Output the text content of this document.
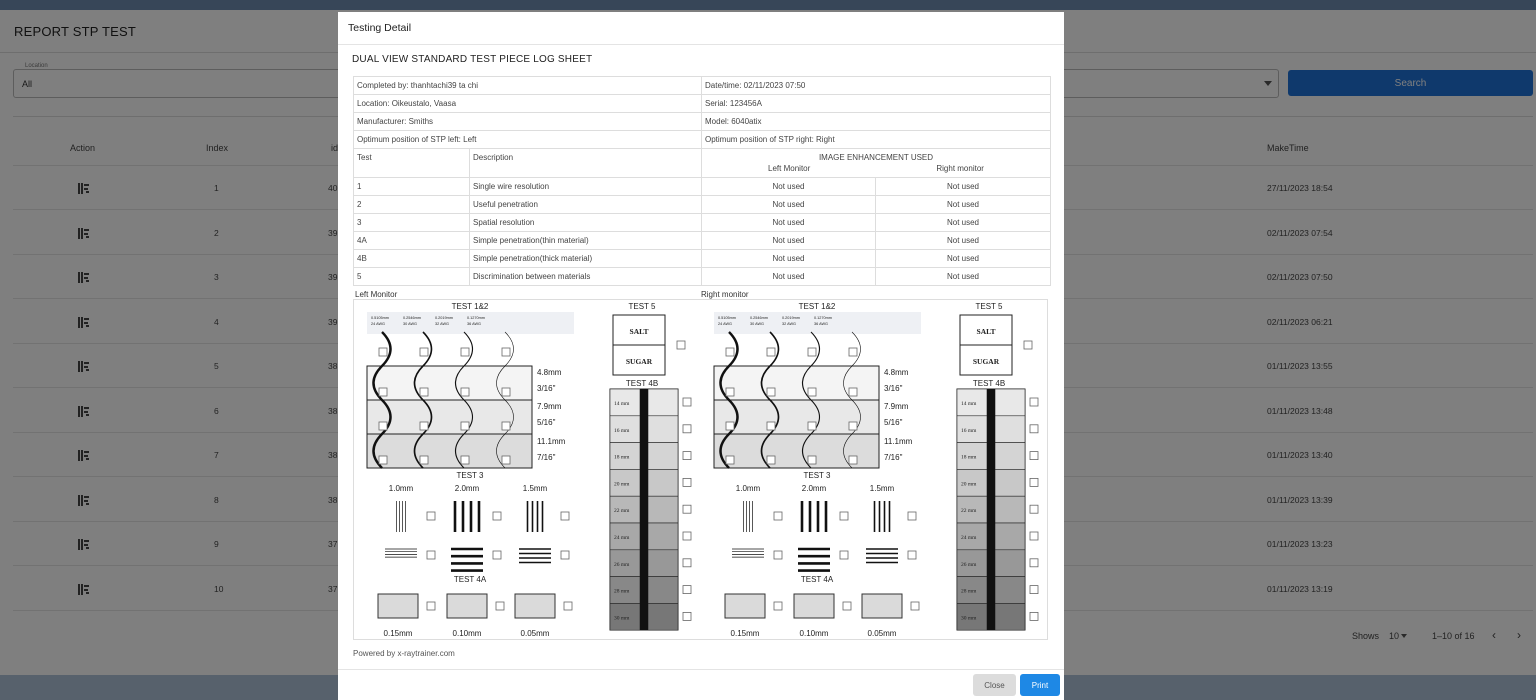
Testing Detail
DUAL VIEW STANDARD TEST PIECE LOG SHEET
Completed by: thanhtachi39 ta chi		Date/time: 02/11/2023 07:50	
Location: Oikeustalo, Vaasa		Serial: 123456A	
Manufacturer: Smiths		Model: 6040atix	
Optimum position of STP left: Left		Optimum position of STP right: Right	
Test	Description	IMAGE ENHANCEMENT USED
Left Monitor Right monitor	

1	Single wire resolution	Not used	Not used
2	Useful penetration	Not used	Not used
3	Spatial resolution	Not used	Not used
4A	Simple penetration(thin material)	Not used	Not used
4B	Simple penetration(thick material)	Not used	Not used
5	Discrimination between materials	Not used	Not used
Left Monitor	Right monitor
TEST 1&2
0.5105mm
24 AWG
0.2546mm
30 AWG
0.2019mm
32 AWG
0.1270mm
36 AWG
4.8mm
3/16"
7.9mm
5/16"
11.1mm
7/16"
TEST 5
SALT
SUGAR
TEST 4B
14 mm
16 mm
18 mm
20 mm
22 mm
24 mm
26 mm
28 mm
30 mm
TEST 3
1.0mm	2.0mm	1.5mm
TEST 4A
0.15mm	0.10mm	0.05mm
TEST 1&2
0.5105mm
24 AWG
0.2546mm
30 AWG
0.2019mm
32 AWG
0.1270mm
36 AWG
4.8mm
3/16"
7.9mm
5/16"
11.1mm
7/16"
TEST 5
SALT
SUGAR
TEST 4B
14 mm
16 mm
18 mm
20 mm
22 mm
24 mm
26 mm
28 mm
30 mm
TEST 3
1.0mm	2.0mm	1.5mm
TEST 4A
0.15mm	0.10mm	0.05mm
Powered by x-raytrainer.com
Close	Print
